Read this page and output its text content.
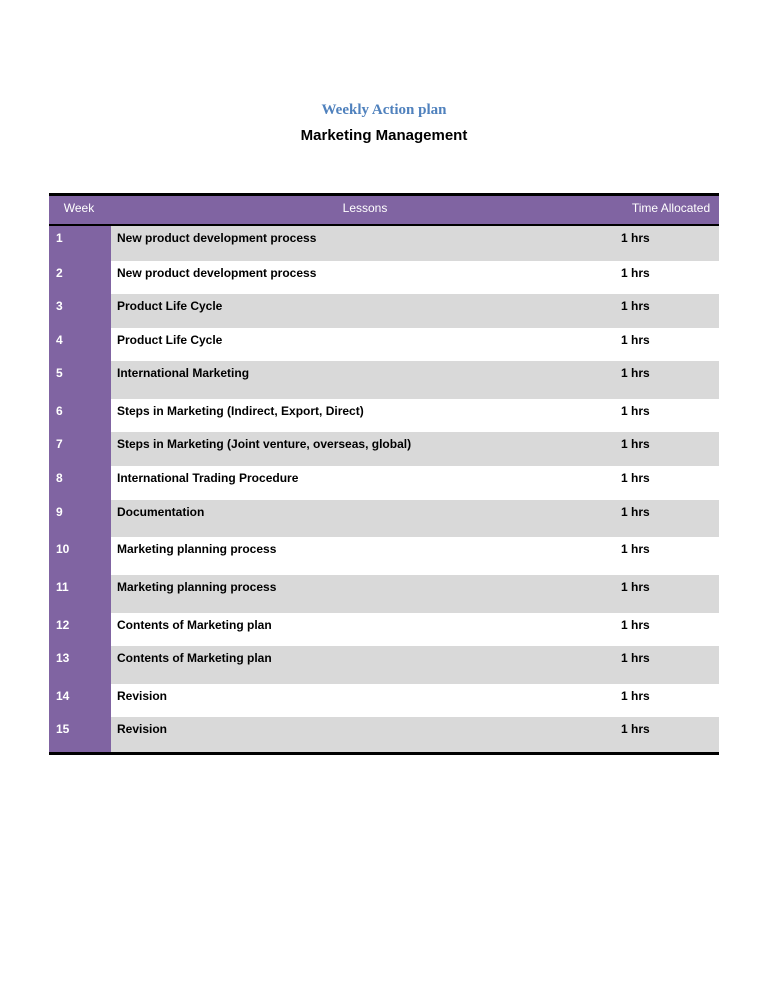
Weekly Action plan
Marketing Management
Week	Lessons	Time Allocated
1	New product development process	1 hrs
2	New product development process	1 hrs
3	Product Life Cycle	1 hrs
4	Product Life Cycle	1 hrs
5	International Marketing	1 hrs
6	Steps in Marketing (Indirect, Export, Direct)	1 hrs
7	Steps in Marketing (Joint venture, overseas, global)	1 hrs
8	International Trading Procedure	1 hrs
9	Documentation	1 hrs
10	Marketing planning process	1 hrs
11	Marketing planning process	1 hrs
12	Contents of Marketing plan	1 hrs
13	Contents of Marketing plan	1 hrs
14	Revision	1 hrs
15	Revision	1 hrs
